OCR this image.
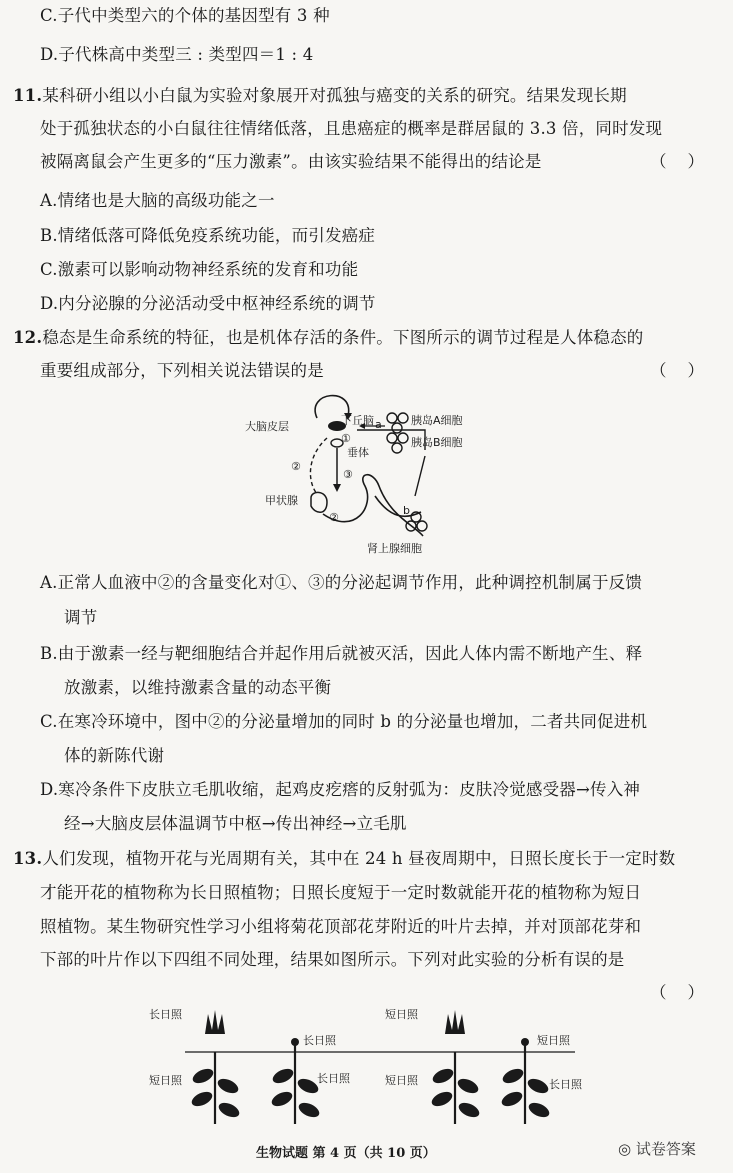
C.子代中类型六的个体的基因型有 3 种
D.子代株高中类型三 : 类型四＝1 : 4
11.某科研小组以小白鼠为实验对象展开对孤独与癌变的关系的研究。结果发现长期
处于孤独状态的小白鼠往往情绪低落，且患癌症的概率是群居鼠的 3.3 倍，同时发现
被隔离鼠会产生更多的“压力激素”。由该实验结果不能得出的结论是	（    ）
A.情绪也是大脑的高级功能之一
B.情绪低落可降低免疫系统功能，而引发癌症
C.激素可以影响动物神经系统的发育和功能
D.内分泌腺的分泌活动受中枢神经系统的调节
12.稳态是生命系统的特征，也是机体存活的条件。下图所示的调节过程是人体稳态的
重要组成部分，下列相关说法错误的是	（    ）
大脑皮层	下丘脑
垂体
甲状腺
肾上腺细胞
胰岛A细胞
胰岛B细胞
①
②
②
③
a
b
A.正常人血液中②的含量变化对①、③的分泌起调节作用，此种调控机制属于反馈
调节
B.由于激素一经与靶细胞结合并起作用后就被灭活，因此人体内需不断地产生、释
放激素，以维持激素含量的动态平衡
C.在寒冷环境中，图中②的分泌量增加的同时 b 的分泌量也增加，二者共同促进机
体的新陈代谢
D.寒冷条件下皮肤立毛肌收缩，起鸡皮疙瘩的反射弧为：皮肤冷觉感受器→传入神
经→大脑皮层体温调节中枢→传出神经→立毛肌
13.人们发现，植物开花与光周期有关，其中在 24 h 昼夜周期中，日照长度长于一定时数
才能开花的植物称为长日照植物；日照长度短于一定时数就能开花的植物称为短日
照植物。某生物研究性学习小组将菊花顶部花芽附近的叶片去掉，并对顶部花芽和
下部的叶片作以下四组不同处理，结果如图所示。下列对此实验的分析有误的是
（    ）
长日照
短日照
长日照
长日照
短日照
短日照
短日照
长日照
生物试题 第 4 页（共 10 页）	◎ 试卷答案
